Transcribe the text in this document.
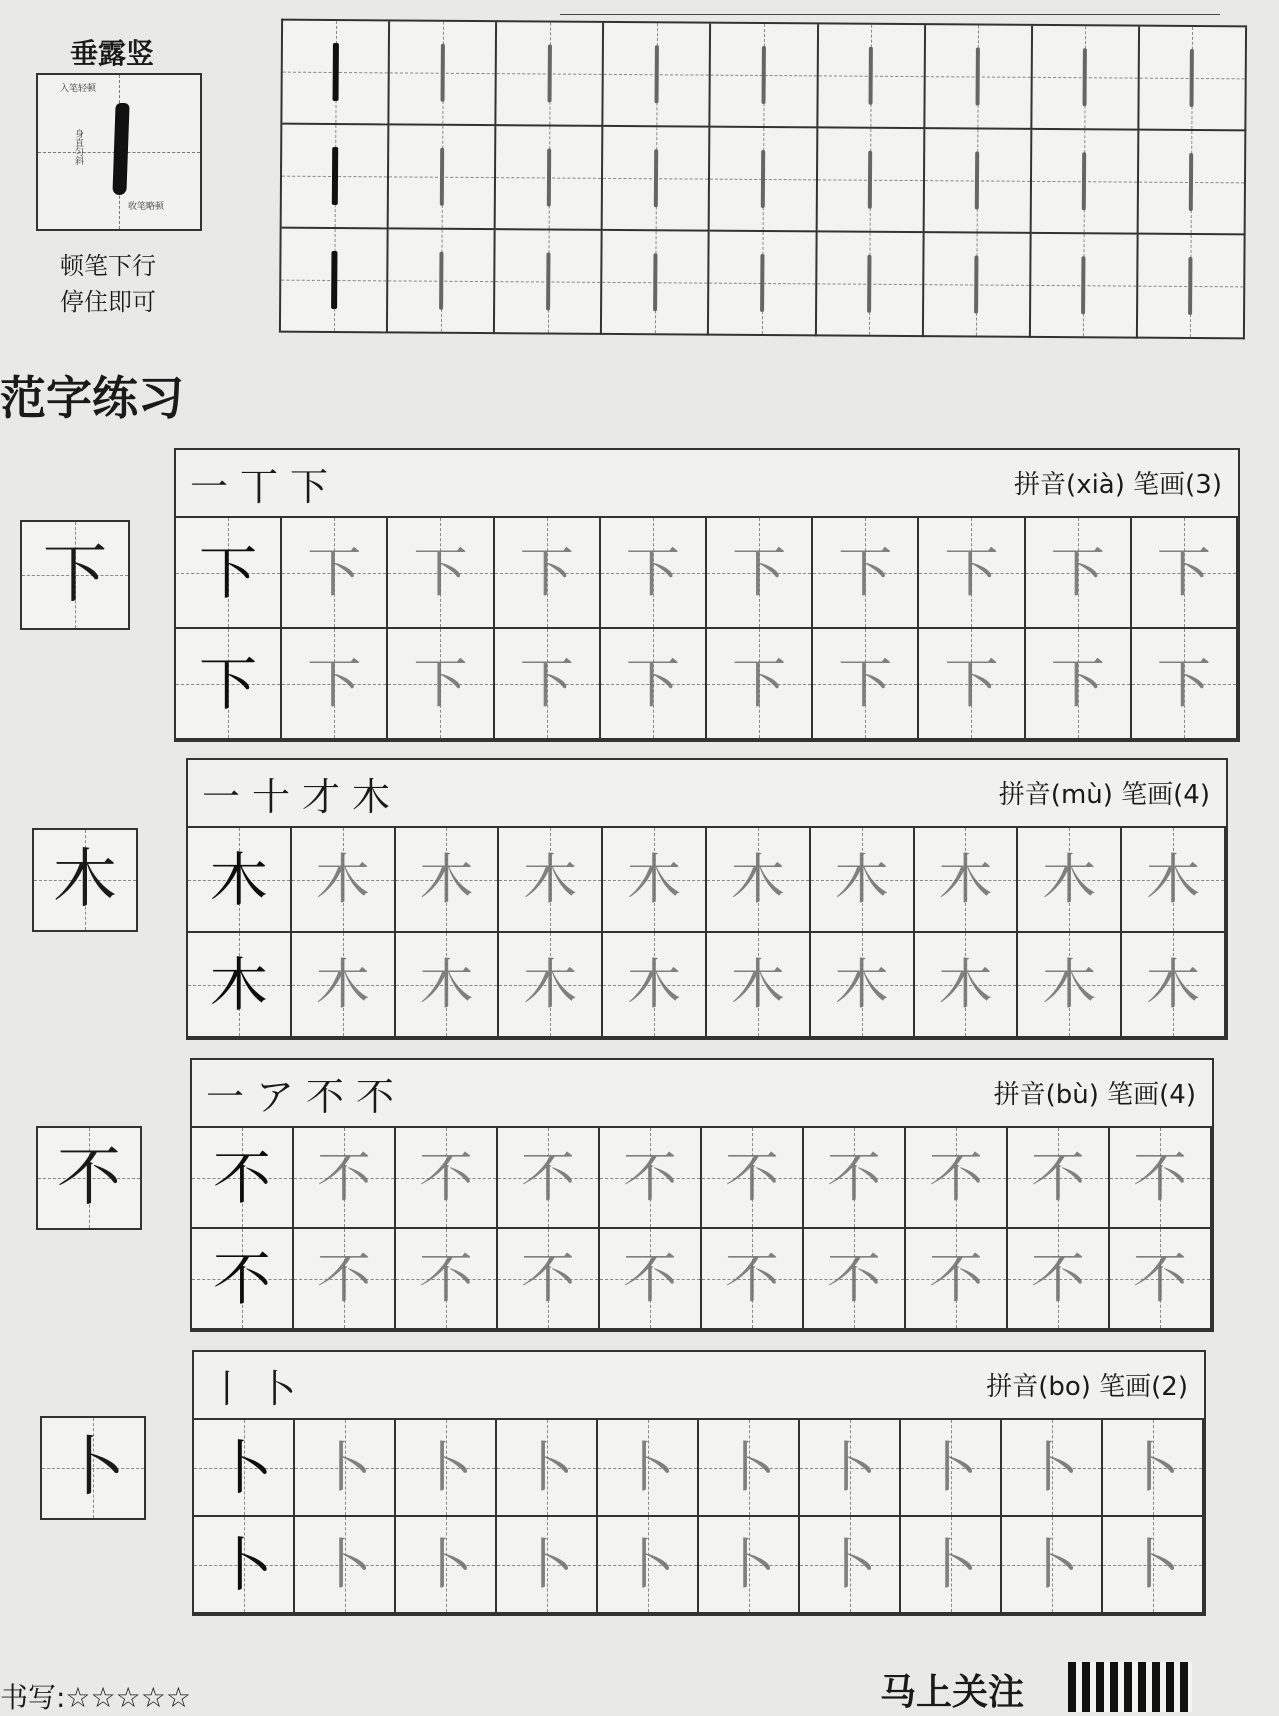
垂露竖
入笔轻顿
身直匀斜
收笔略顿
顿笔下行
停住即可
范字练习
下
一丅下	拼音(xià) 笔画(3)
下 下 下 下 下 下 下 下 下 下
下 下 下 下 下 下 下 下 下 下
木
一十才木	拼音(mù) 笔画(4)
木 木 木 木 木 木 木 木 木 木
木 木 木 木 木 木 木 木 木 木
不
一ア不不	拼音(bù) 笔画(4)
不 不 不 不 不 不 不 不 不 不
不 不 不 不 不 不 不 不 不 不
卜
丨卜	拼音(bo) 笔画(2)
卜 卜 卜 卜 卜 卜 卜 卜 卜 卜
卜 卜 卜 卜 卜 卜 卜 卜 卜 卜
书写:☆☆☆☆☆	马上关注
